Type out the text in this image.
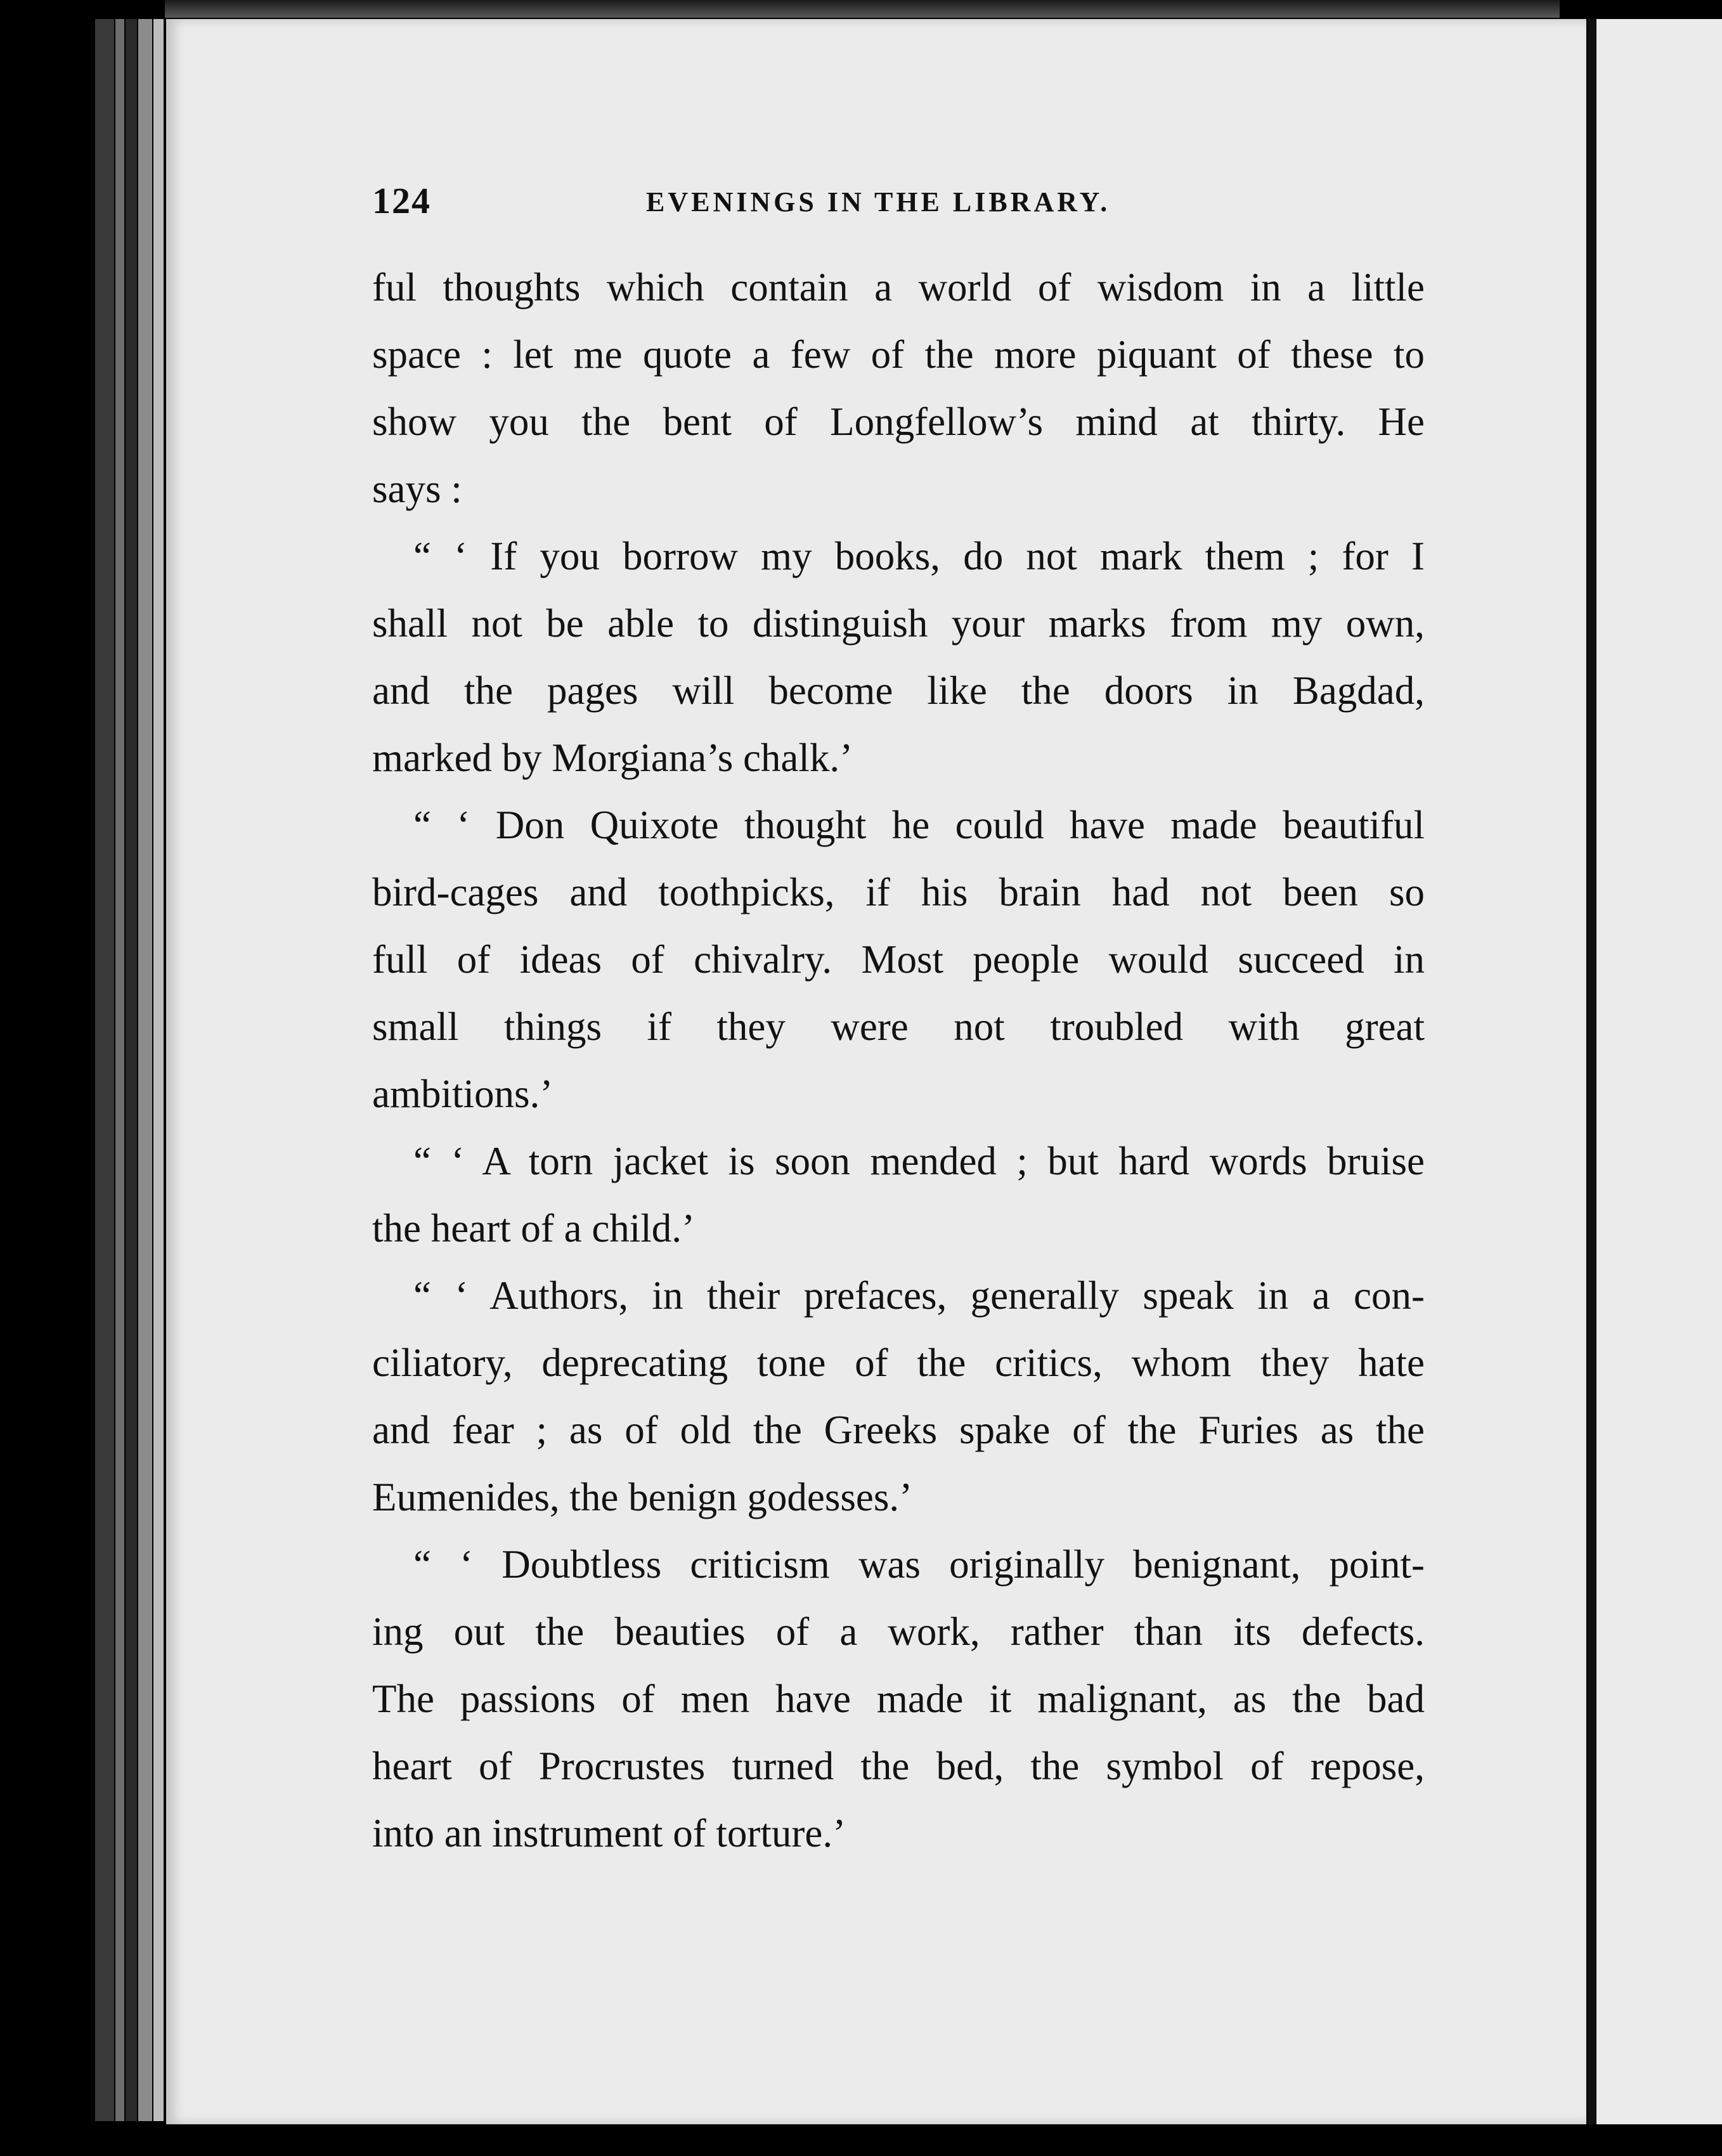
124	EVENINGS IN THE LIBRARY.
ful thoughts which contain a world of wisdom in a little
space : let me quote a few of the more piquant of these to
show you the bent of Longfellow’s mind at thirty. He
says :
“ ‘ If you borrow my books, do not mark them ; for I
shall not be able to distinguish your marks from my own,
and the pages will become like the doors in Bagdad,
marked by Morgiana’s chalk.’
“ ‘ Don Quixote thought he could have made beautiful
bird-cages and toothpicks, if his brain had not been so
full of ideas of chivalry. Most people would succeed in
small things if they were not troubled with great
ambitions.’
“ ‘ A torn jacket is soon mended ; but hard words bruise
the heart of a child.’
“ ‘ Authors, in their prefaces, generally speak in a con-
ciliatory, deprecating tone of the critics, whom they hate
and fear ; as of old the Greeks spake of the Furies as the
Eumenides, the benign godesses.’
“ ‘ Doubtless criticism was originally benignant, point-
ing out the beauties of a work, rather than its defects.
The passions of men have made it malignant, as the bad
heart of Procrustes turned the bed, the symbol of repose,
into an instrument of torture.’
